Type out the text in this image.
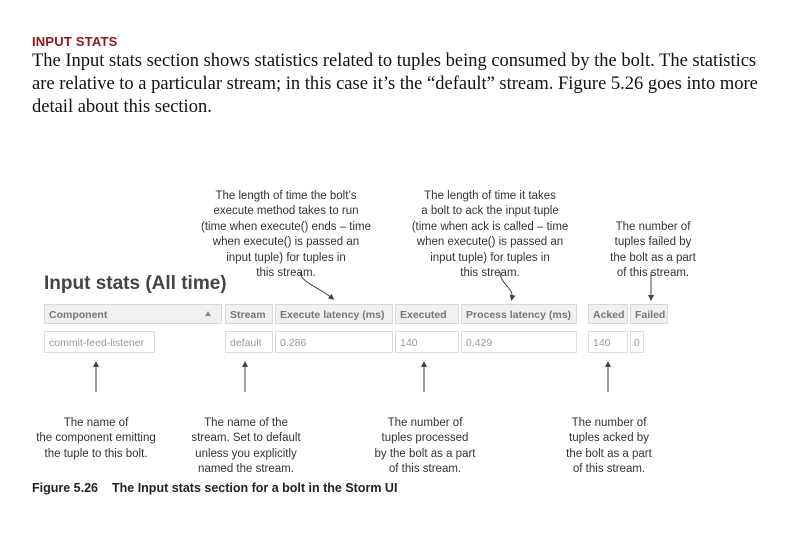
INPUT STATS
The Input stats section shows statistics related to tuples being consumed by the bolt. The statistics are relative to a particular stream; in this case it’s the “default” stream. Figure 5.26 goes into more detail about this section.

The length of time the bolt’s
execute method takes to run
(time when execute() ends – time
when execute() is passed an
input tuple) for tuples in
this stream.

The length of time it takes
a bolt to ack the input tuple
(time when ack is called – time
when execute() is passed an
input tuple) for tuples in
this stream.

The number of
tuples failed by
the bolt as a part
of this stream.

Input stats (All time)
Component	Stream	Execute latency (ms)	Executed	Process latency (ms)	Acked Failed
commit-feed-listener	default	0.286	140	0.429	140	0

The name of
the component emitting
the tuple to this bolt.

The name of the
stream. Set to default
unless you explicitly
named the stream.

The number of
tuples processed
by the bolt as a part
of this stream.

The number of
tuples acked by
the bolt as a part
of this stream.

Figure 5.26 The Input stats section for a bolt in the Storm UI
